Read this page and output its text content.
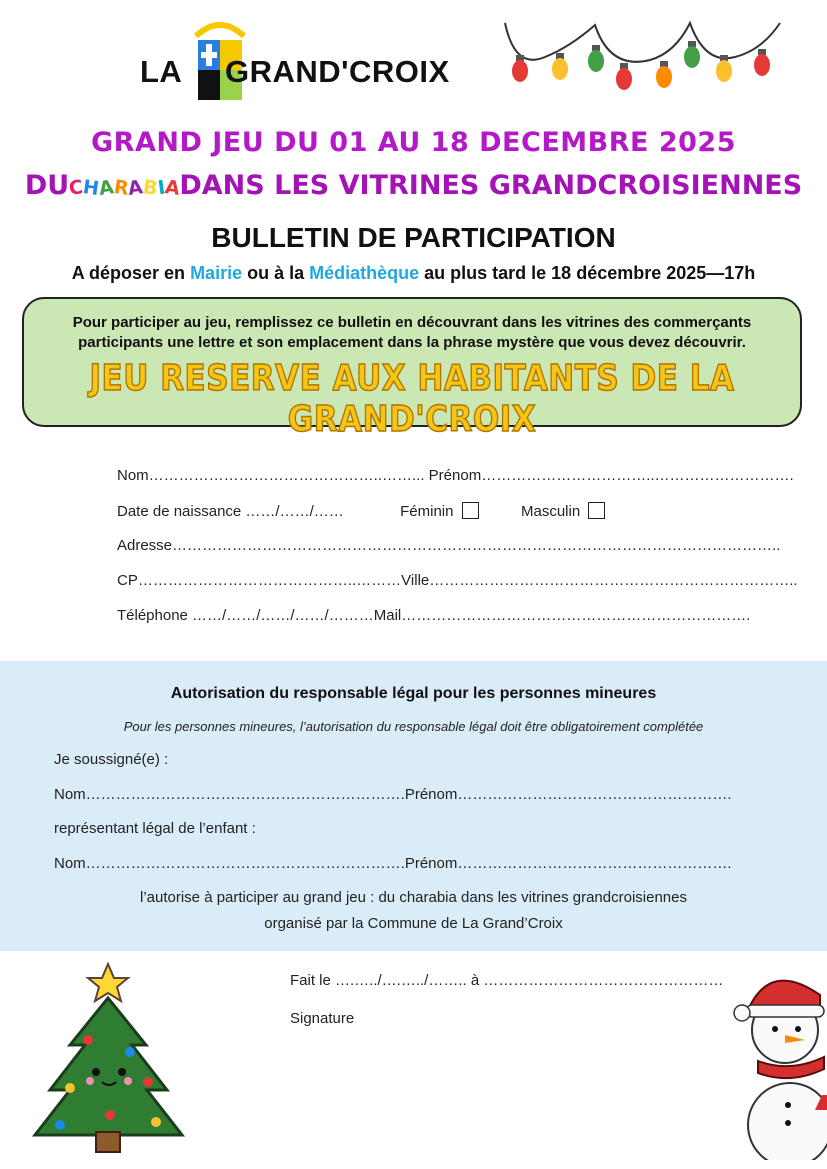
LA GRAND'CROIX
GRAND JEU DU 01 AU 18 DECEMBRE 2025
DUCHARABIADANS LES VITRINES GRANDCROISIENNES
BULLETIN DE PARTICIPATION
A déposer en Mairie ou à la Médiathèque au plus tard le 18 décembre 2025—17h
Pour participer au jeu, remplissez ce bulletin en découvrant dans les vitrines des commerçants participants une lettre et son emplacement dans la phrase mystère que vous devez découvrir.
JEU RESERVE AUX HABITANTS DE LA GRAND'CROIX
Nom………………………………………..……... Prénom……………………………..……………………….
Date de naissance ……/……/……	Féminin	Masculin
Adresse…………………………………………………………………………………………………………..
CP……………………………………..………Ville………………………………………………………………..
Téléphone ……/……/……/……/………Mail…………………………………………………………….
Autorisation du responsable légal pour les personnes mineures
Pour les personnes mineures, l’autorisation du responsable légal doit être obligatoirement complétée
Je soussigné(e) :
Nom……………………………………………………….Prénom……………………………………………….
représentant légal de l’enfant :
Nom……………………………………………………….Prénom……………………………………………….
l’autorise à participer au grand jeu : du charabia dans les vitrines grandcroisiennes
organisé par la Commune de La Grand’Croix
Fait le ….…../….…../…….. à …………………………………………
Signature
